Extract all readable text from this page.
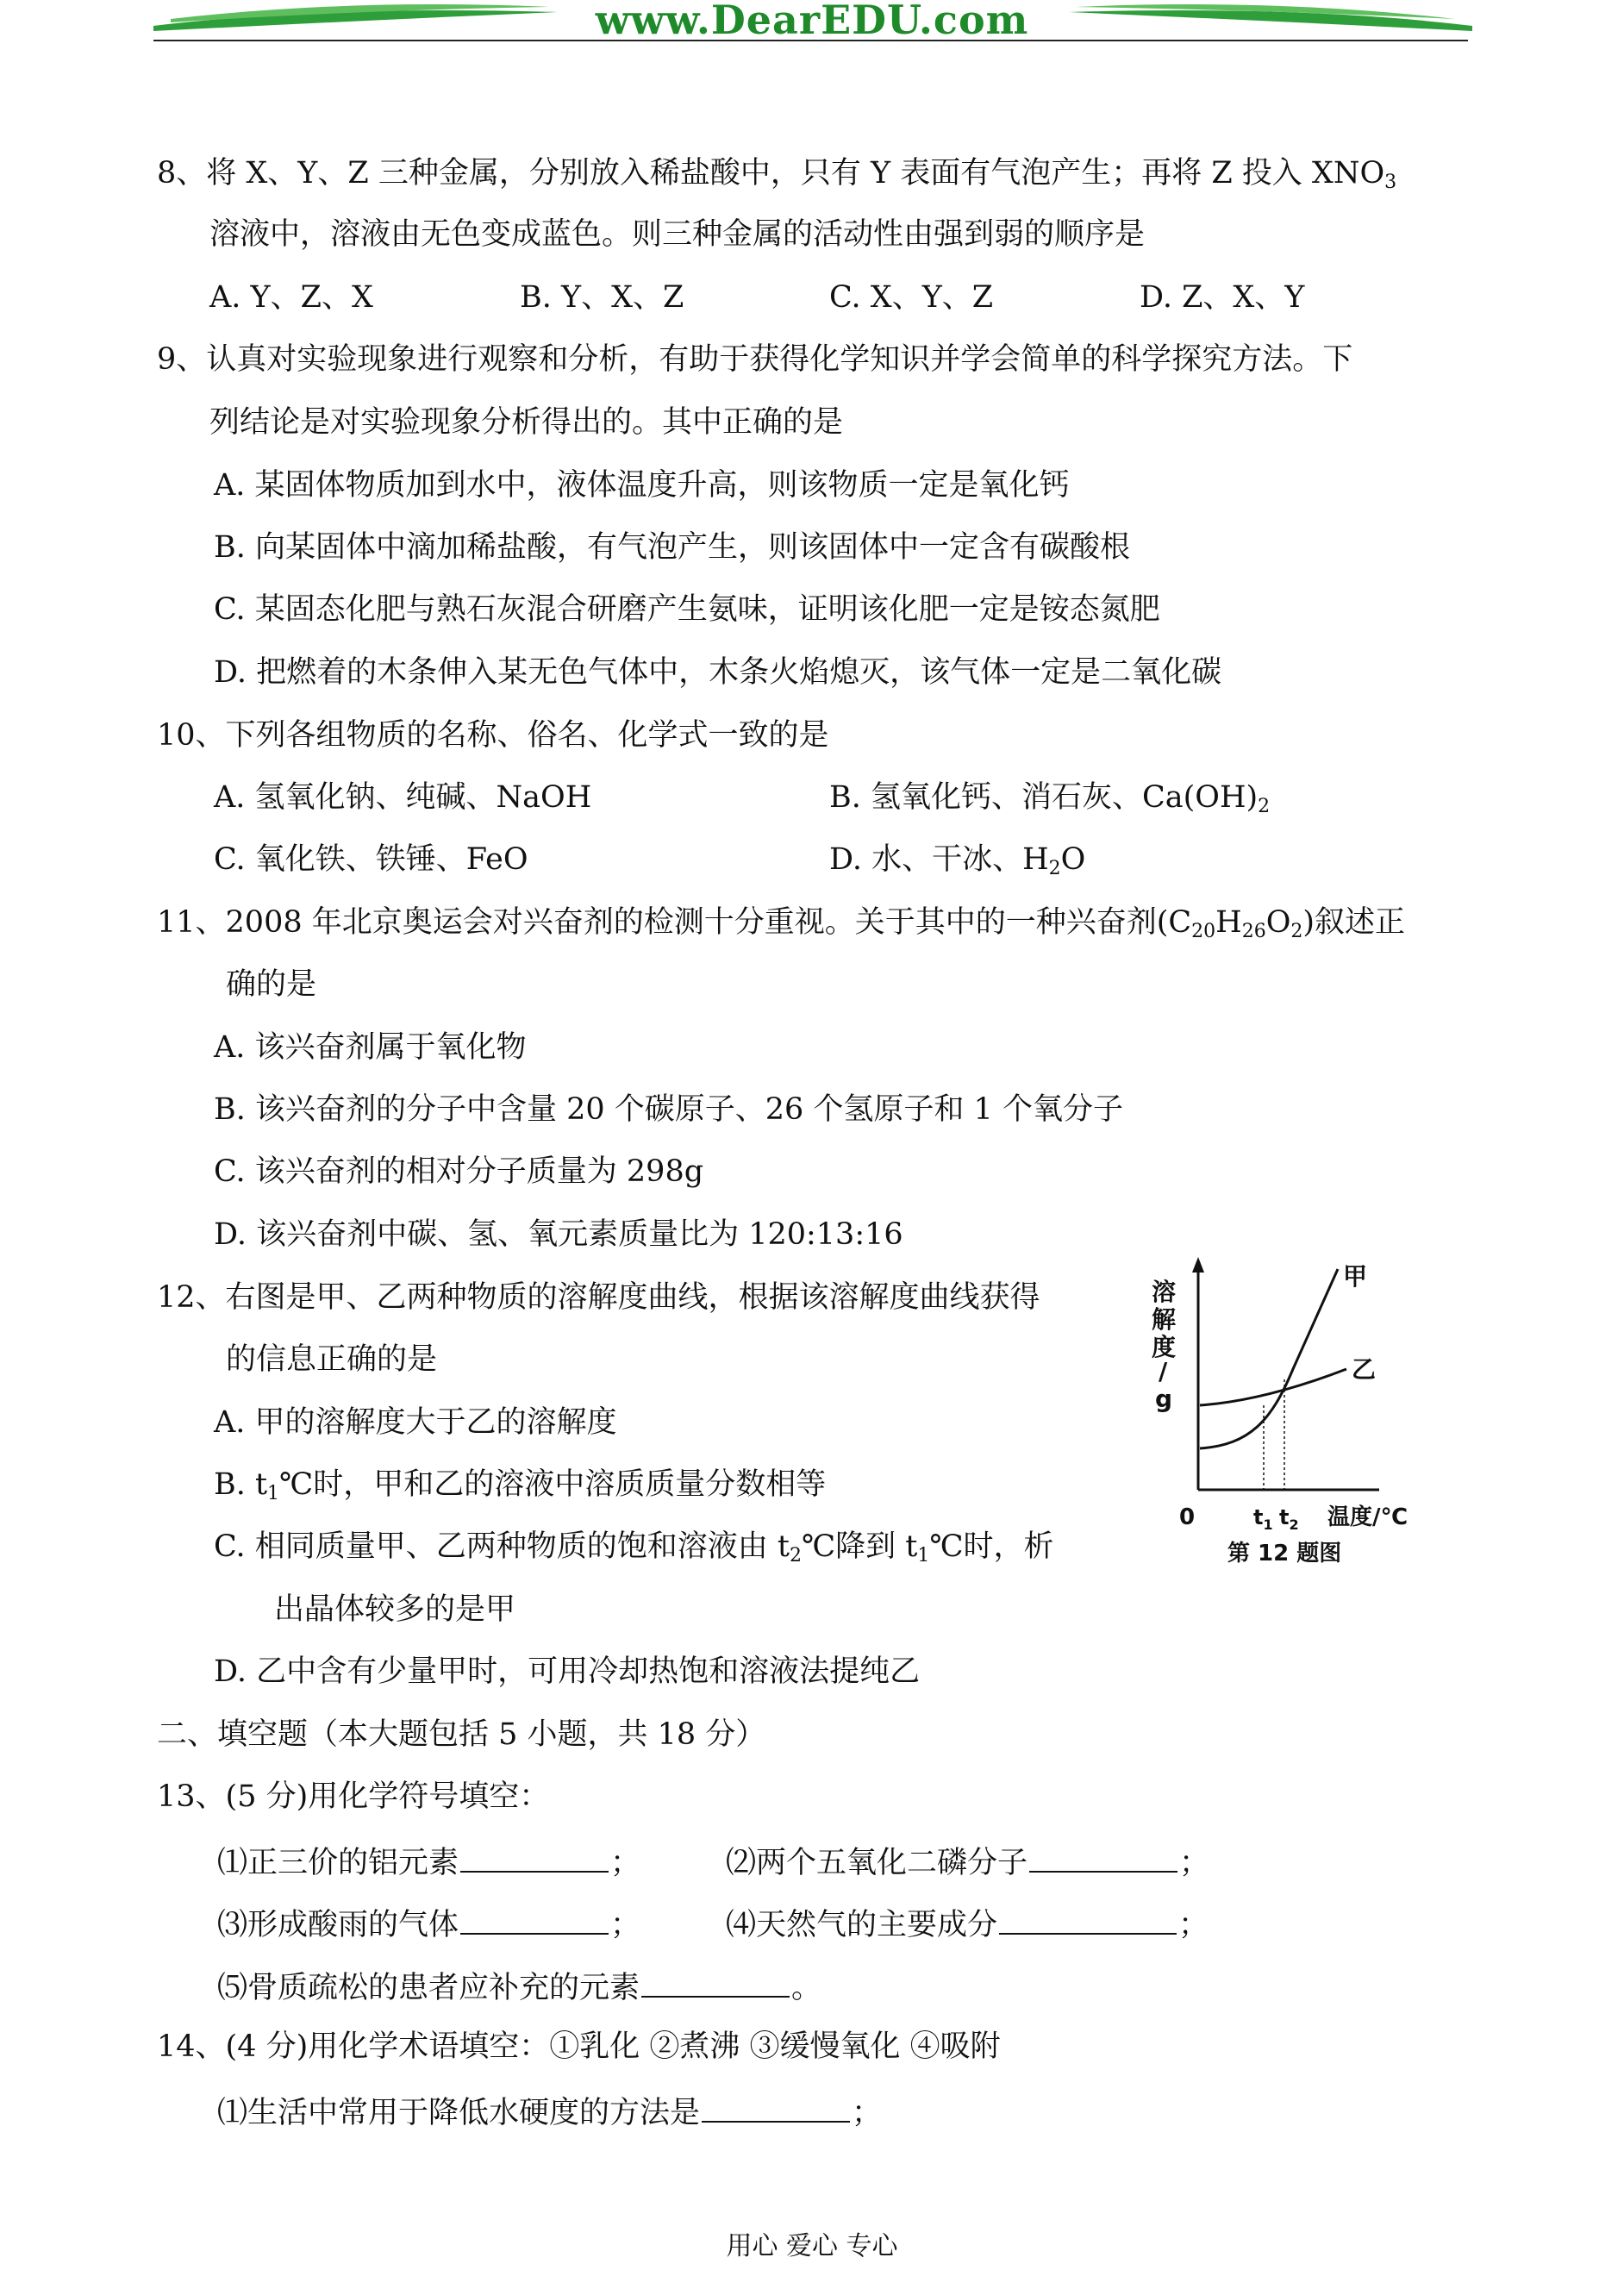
www.DearEDU.com
8、将 X、Y、Z 三种金属，分别放入稀盐酸中，只有 Y 表面有气泡产生；再将 Z 投入 $XNO_3$
溶液中，溶液由无色变成蓝色。则三种金属的活动性由强到弱的顺序是
A. Y、Z、X	B. Y、X、Z	C. X、Y、Z	D. Z、X、Y
9、认真对实验现象进行观察和分析，有助于获得化学知识并学会简单的科学探究方法。下
列结论是对实验现象分析得出的。其中正确的是
A. 某固体物质加到水中，液体温度升高，则该物质一定是氧化钙
B. 向某固体中滴加稀盐酸，有气泡产生，则该固体中一定含有碳酸根
C. 某固态化肥与熟石灰混合研磨产生氨味，证明该化肥一定是铵态氮肥
D. 把燃着的木条伸入某无色气体中，木条火焰熄灭，该气体一定是二氧化碳
10、下列各组物质的名称、俗名、化学式一致的是
A. 氢氧化钠、纯碱、NaOH	B. 氢氧化钙、消石灰、$Ca(OH)_2$
C. 氧化铁、铁锤、FeO	D. 水、干冰、$H_2O$
11、2008 年北京奥运会对兴奋剂的检测十分重视。关于其中的一种兴奋剂$(C_{20}H_{26}O_2)$叙述正
确的是
A. 该兴奋剂属于氧化物
B. 该兴奋剂的分子中含量 20 个碳原子、26 个氢原子和 1 个氧分子
C. 该兴奋剂的相对分子质量为 298g
D. 该兴奋剂中碳、氢、氧元素质量比为 120:13:16
12、右图是甲、乙两种物质的溶解度曲线，根据该溶解度曲线获得
的信息正确的是
A. 甲的溶解度大于乙的溶解度
B. $t_1℃$时，甲和乙的溶液中溶质质量分数相等
C. 相同质量甲、乙两种物质的饱和溶液由 $t_2℃$降到 $t_1℃$时，析
出晶体较多的是甲
D. 乙中含有少量甲时，可用冷却热饱和溶液法提纯乙
甲
乙
溶 解 度 / g
0	$t_1$ $t_2$ 温度/℃
第 12 题图
二、填空题（本大题包括 5 小题，共 18 分）
13、(5 分)用化学符号填空：
⑴正三价的铝元素	；	⑵两个五氧化二磷分子	；
⑶形成酸雨的气体	；	⑷天然气的主要成分	；
⑸骨质疏松的患者应补充的元素	。
14、(4 分)用化学术语填空：①乳化 ②煮沸 ③缓慢氧化 ④吸附
⑴生活中常用于降低水硬度的方法是	；
用心 爱心 专心
